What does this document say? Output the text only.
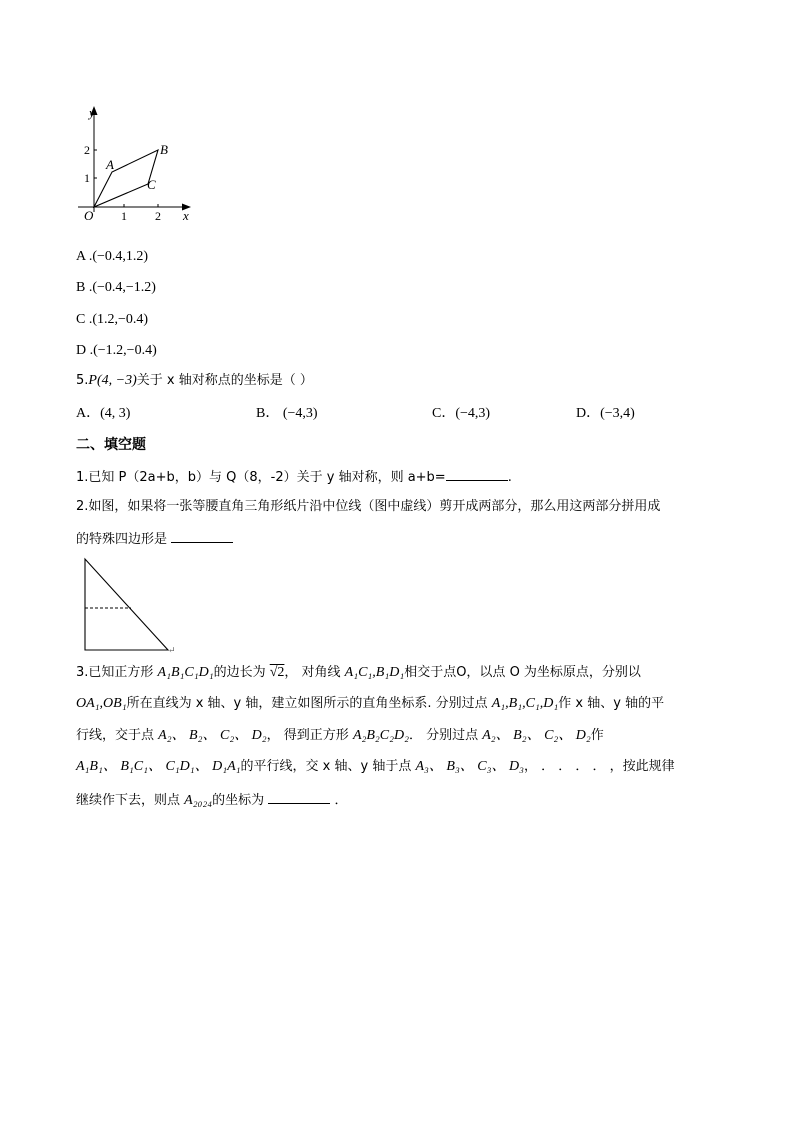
y
x
O 1 2
1
2
A
B
C
A .(−0.4,1.2)
B .(−0.4,−1.2)
C .(1.2,−0.4)
D .(−1.2,−0.4)
5.P(4, −3)关于 x 轴对称点的坐标是（ ）
A．(4, 3)	B． (−4,3)	C．(−4,3)	D．(−3,4)
二、填空题
1.已知 P（2a+b，b）与 Q（8，-2）关于 y 轴对称，则 a+b=	.
2.如图，如果将一张等腰直角三角形纸片沿中位线（图中虚线）剪开成两部分，那么用这两部分拼用成
的特殊四边形是
↵
3.已知正方形 A₁B₁C₁D₁的边长为 √2， 对角线 A₁C₁,B₁D₁相交于点O，以点 O 为坐标原点，分别以
OA₁,OB₁所在直线为 x 轴、y 轴，建立如图所示的直角坐标系. 分别过点 A₁,B₁,C₁,D₁作 x 轴、y 轴的平
行线，交于点 A₂、 B₂、 C₂、 D₂， 得到正方形 A₂B₂C₂D₂． 分别过点 A₂、 B₂、 C₂、 D₂作
A₁B₁、 B₁C₁、 C₁D₁、 D₁A₁的平行线，交 x 轴、y 轴于点 A₃、 B₃、 C₃、 D₃， ． ． ． ． ，按此规律
继续作下去，则点 A₂₀₂₄的坐标为	．
